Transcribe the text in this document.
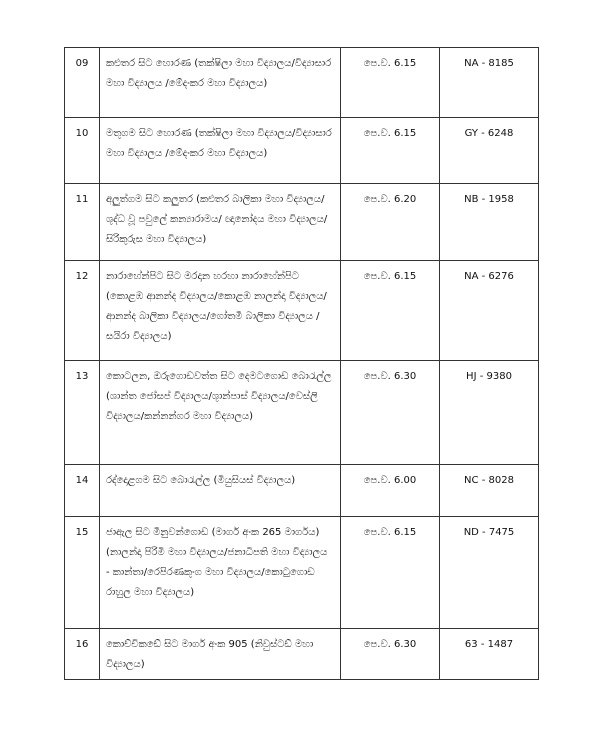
09	කළුතර සිට හොරණ (තක්ෂිලා මහා විද්‍යාලය/විද්‍යාසාර මහා විද්‍යාලය /මේදංකර මහා විද්‍යාලය)	පෙ.ව. 6.15	NA - 8185
10	මතුගම සිට හොරණ (තක්ෂිලා මහා විද්‍යාලය/විද්‍යාසාර මහා විද්‍යාලය /මේදංකර මහා විද්‍යාලය)	පෙ.ව. 6.15	GY - 6248
11	අලුත්ගම සිට කලුතර (කළුතර බාලිකා මහා විද්‍යාලය/ ශුද්ධ වූ පවුලේ කන්‍යාරාමය/ ඥානෝදය මහා විද්‍යාලය/සිරිකුරුස මහා විද්‍යාලය)	පෙ.ව. 6.20	NB - 1958
12	නාරාහේන්පිට සිට මරදාන හරහා නාරාහේන්පිට (කොළඹ ආනන්ද විද්‍යාලය/කොළඹ නාලන්දා විද්‍යාලය/ආනන්ද බාලිකා විද්‍යාලය/ගෝතමී බාලිකා විද්‍යාලය /සයිරා විද්‍යාලය)	පෙ.ව. 6.15	NA - 6276
13	කොටලන, ඔරුගොඩවත්ත සිට දෙමටගොඩ බොරැල්ල (ශාන්ත ජෝසප් විද්‍යාලය/ශුාන්පාස් විද්‍යාලය/වෙස්ලි විද්‍යාලය/කන්නන්ගර මහා විද්‍යාලය)	පෙ.ව. 6.30	HJ - 9380
14	රද්දොළගම සිට බොරැල්ල (මියුසියස් විද්‍යාලය)	පෙ.ව. 6.00	NC - 8028
15	ජාඇල සිට මීනුවන්ගොඩ (මාර්ග අංක 265 මාර්ගය) (නාලන්දා පිරිමි මහා විද්‍යාලය/ජනාධිපති මහා විද්‍යාලය - කාන්තා/රෙපිරණකුංග මහා විද්‍යාලය/කොටුගොඩ රාහුල මහා විද්‍යාලය)	පෙ.ව. 6.15	ND - 7475
16	කොච්චිකඩේ සිට මාර්ග අංක 905 (නිවුස්ටඩ් මහා විද්‍යාලය)	පෙ.ව. 6.30	63 - 1487
